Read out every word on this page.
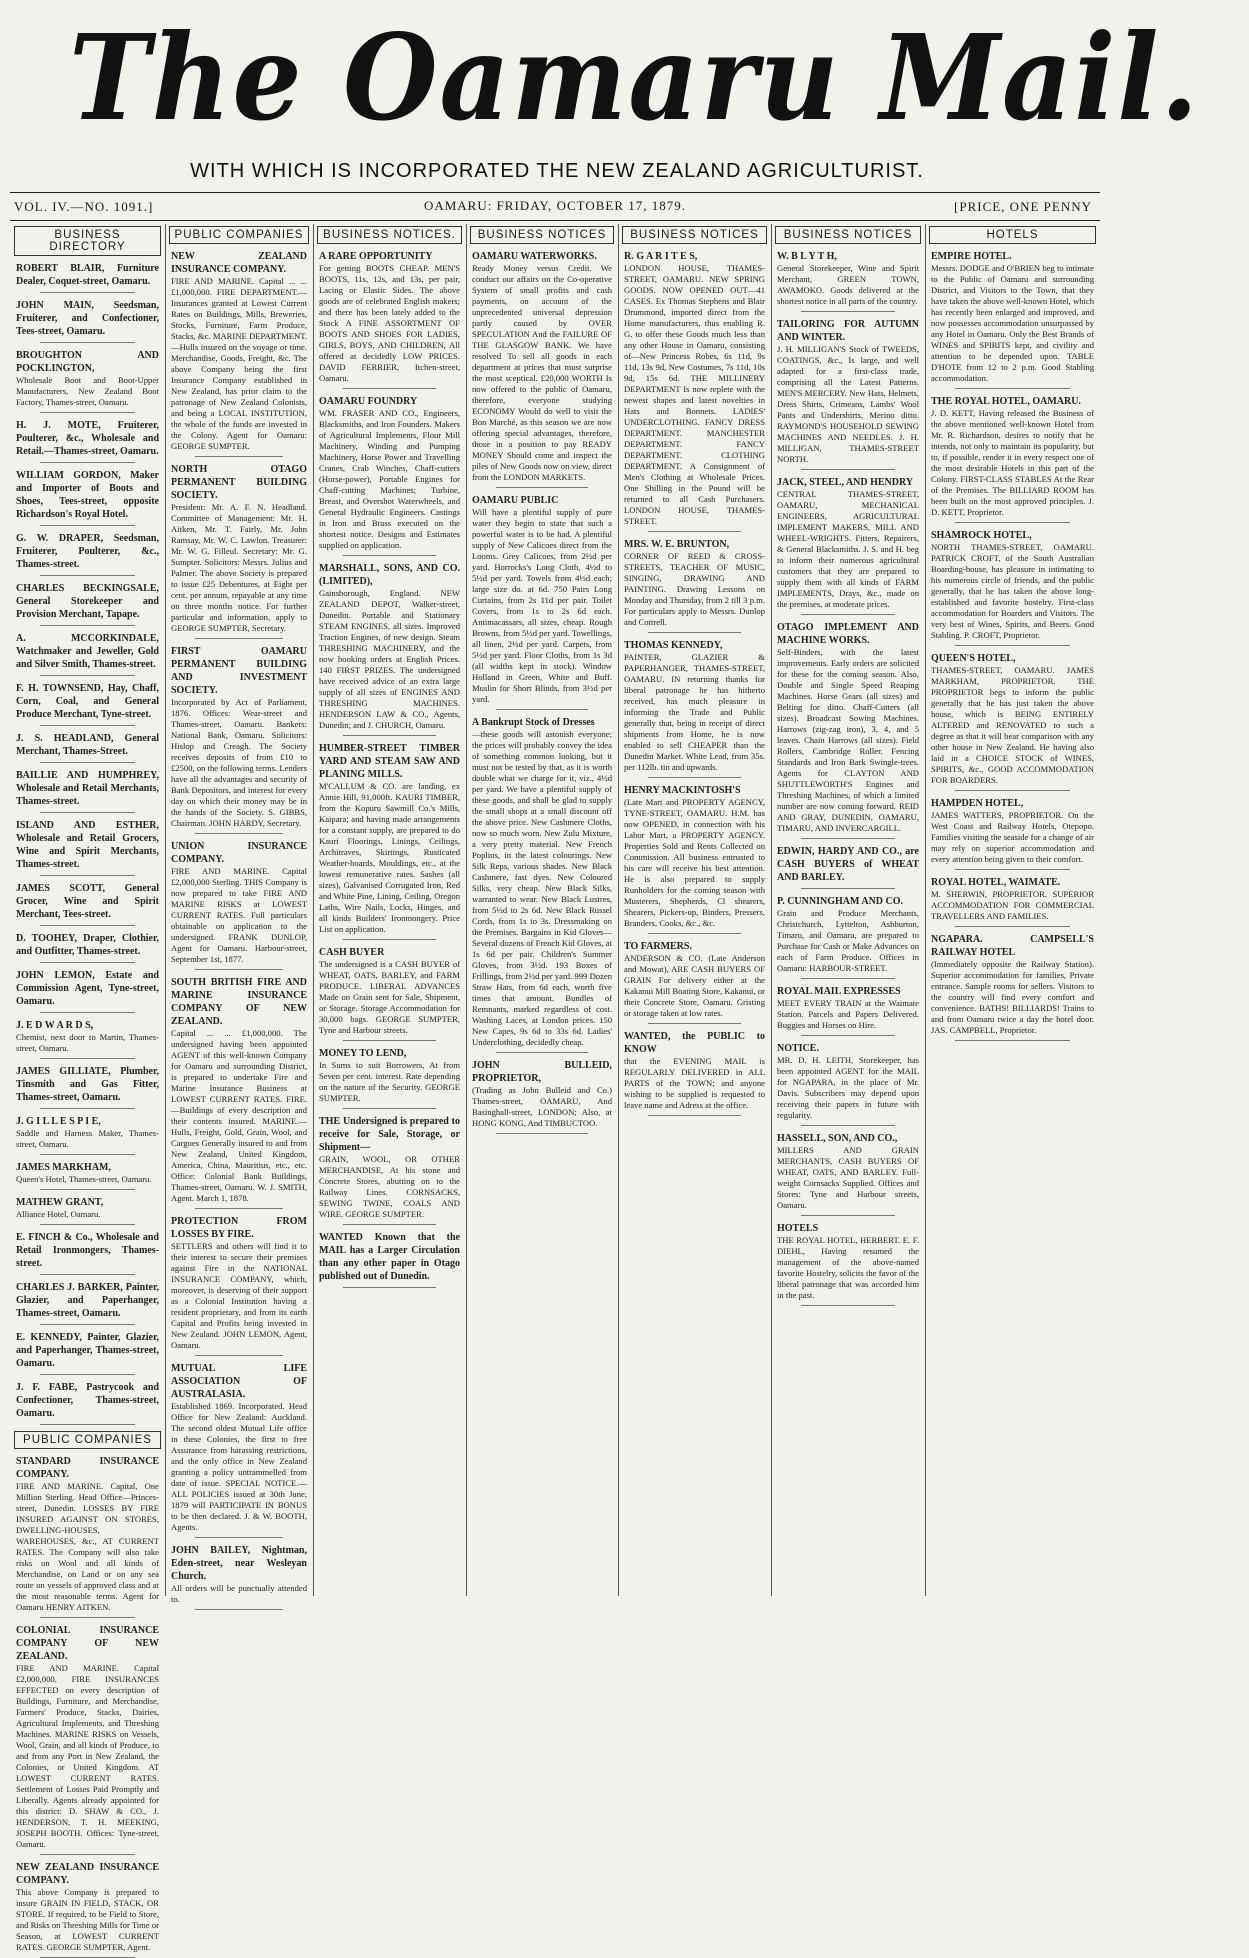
The Oamaru Mail.
WITH WHICH IS INCORPORATED THE NEW ZEALAND AGRICULTURIST.
VOL. IV.—NO. 1091.]	OAMARU: FRIDAY, OCTOBER 17, 1879.	[PRICE, ONE PENNY
BUSINESS DIRECTORY
ROBERT BLAIR, Furniture Dealer, Coquet-street, Oamaru.
JOHN MAIN, Seedsman, Fruiterer, and Confectioner, Tees-street, Oamaru.
BROUGHTON AND POCKLINGTON,
Wholesale Boot and Boot-Upper Manufacturers, New Zealand Boot Factory, Thames-street, Oamaru.
H. J. MOTE, Fruiterer, Poulterer, &c., Wholesale and Retail.—Thames-street, Oamaru.
WILLIAM GORDON, Maker and Importer of Boots and Shoes, Tees-street, opposite Richardson's Royal Hotel.
G. W. DRAPER, Seedsman, Fruiterer, Poulterer, &c., Thames-street.
CHARLES BECKINGSALE, General Storekeeper and Provision Merchant, Tapape.
A. MCCORKINDALE, Watchmaker and Jeweller, Gold and Silver Smith, Thames-street.
F. H. TOWNSEND, Hay, Chaff, Corn, Coal, and General Produce Merchant, Tyne-street.
J. S. HEADLAND, General Merchant, Thames-Street.
BAILLIE AND HUMPHREY, Wholesale and Retail Merchants, Thames-street.
ISLAND AND ESTHER, Wholesale and Retail Grocers, Wine and Spirit Merchants, Thames-street.
JAMES SCOTT, General Grocer, Wine and Spirit Merchant, Tees-street.
D. TOOHEY, Draper, Clothier, and Outfitter, Thames-street.
JOHN LEMON, Estate and Commission Agent, Tyne-street, Oamaru.
J. E D W A R D S,
Chemist, next door to Martin, Thames-street, Oamaru.
JAMES GILLIATE, Plumber, Tinsmith and Gas Fitter, Thames-street, Oamaru.
J. G I L L E S P I E,
Saddle and Harness Maker, Thames-street, Oamaru.
JAMES MARKHAM,
Queen's Hotel, Thames-street, Oamaru.
MATHEW GRANT,
Alliance Hotel, Oamaru.
E. FINCH & Co., Wholesale and Retail Ironmongers, Thames-street.
CHARLES J. BARKER, Painter, Glazier, and Paperhanger, Thames-street, Oamaru.
E. KENNEDY, Painter, Glazier, and Paperhanger, Thames-street, Oamaru.
J. F. FABE, Pastrycook and Confectioner, Thames-street, Oamaru.
PUBLIC COMPANIES
STANDARD INSURANCE COMPANY.
FIRE AND MARINE. Capital, One Million Sterling. Head Office—Princes-street, Dunedin. LOSSES BY FIRE INSURED AGAINST ON STORES, DWELLING-HOUSES, WAREHOUSES, &c., AT CURRENT RATES. The Company will also take risks on Wool and all kinds of Merchandise, on Land or on any sea route on vessels of approved class and at the most reasonable terms. Agent for Oamaru HENRY AITKEN.
COLONIAL INSURANCE COMPANY OF NEW ZEALAND.
FIRE AND MARINE. Capital £2,000,000. FIRE INSURANCES EFFECTED on every description of Buildings, Furniture, and Merchandise, Farmers' Produce, Stacks, Dairies, Agricultural Implements, and Threshing Machines. MARINE RISKS on Vessels, Wool, Grain, and all kinds of Produce, to and from any Port in New Zealand, the Colonies, or United Kingdom. AT LOWEST CURRENT RATES. Settlement of Losses Paid Promptly and Liberally. Agents already appointed for this district: D. SHAW & CO., J. HENDERSON, T. H. MEEKING, JOSEPH BOOTH. Offices: Tyne-street, Oamaru.
NEW ZEALAND INSURANCE COMPANY.
This above Company is prepared to insure GRAIN IN FIELD, STACK, OR STORE. If required, to be Field to Store, and Risks on Threshing Mills for Time or Season, at LOWEST CURRENT RATES. GEORGE SUMPTER, Agent.
PUBLIC COMPANIES
NEW ZEALAND INSURANCE COMPANY.
FIRE AND MARINE. Capital ... ... £1,000,000. FIRE DEPARTMENT.—Insurances granted at Lowest Current Rates on Buildings, Mills, Breweries, Stocks, Furniture, Farm Produce, Stacks, &c. MARINE DEPARTMENT.—Hulls insured on the voyage or time. Merchandise, Goods, Freight, &c. The above Company being the first Insurance Company established in New Zealand, has prior claim to the patronage of New Zealand Colonists, and being a LOCAL INSTITUTION, the whole of the funds are invested in the Colony. Agent for Oamaru: GEORGE SUMPTER.
NORTH OTAGO PERMANENT BUILDING SOCIETY.
President: Mr. A. F. N. Headland. Committee of Management: Mr. H. Aitken, Mr. T. Fairly, Mr. John Ramsay, Mr. W. C. Lawlon. Treasurer: Mr. W. G. Filleul. Secretary: Mr. G. Sumpter. Solicitors: Messrs. Julius and Palmer. The above Society is prepared to issue £25 Debentures, at Eight per cent. per annum, repayable at any time on three months notice. For further particular and information, apply to GEORGE SUMPTER, Secretary.
FIRST OAMARU PERMANENT BUILDING AND INVESTMENT SOCIETY.
Incorporated by Act of Parliament, 1876. Offices: Wear-street and Thames-street, Oamaru. Bankers: National Bank, Oamaru. Solicitors: Hislop and Creagh. The Society receives deposits of from £10 to £2500, on the following terms. Lenders have all the advantages and security of Bank Depositors, and interest for every day on which their money may be in the hands of the Society. S. GIBBS, Chairman. JOHN HARDY, Secretary.
UNION INSURANCE COMPANY.
FIRE AND MARINE. Capital £2,000,000 Sterling. THIS Company is now prepared to take FIRE AND MARINE RISKS at LOWEST CURRENT RATES. Full particulars obtainable on application to the undersigned. FRANK DUNLOP, Agent for Oamaru. Harbour-street, September 1st, 1877.
SOUTH BRITISH FIRE AND MARINE INSURANCE COMPANY OF NEW ZEALAND.
Capital ... ... £1,000,000. The undersigned having been appointed AGENT of this well-known Company for Oamaru and surrounding District, is prepared to undertake Fire and Marine Insurance Business at LOWEST CURRENT RATES. FIRE.—Buildings of every description and their contents insured. MARINE.—Hulls, Freight, Gold, Grain, Wool, and Cargoes Generally insured to and from New Zealand, United Kingdom, America, China, Mauritius, etc., etc. Office: Colonial Bank Buildings, Thames-street, Oamaru. W. J. SMITH, Agent. March 1, 1878.
PROTECTION FROM LOSSES BY FIRE.
SETTLERS and others will find it to their interest to secure their premises against Fire in the NATIONAL INSURANCE COMPANY, which, moreover, is deserving of their support as a Colonial Institution having a resident proprietary, and from its earth Capital and Profits being invested in New Zealand. JOHN LEMON, Agent, Oamaru.
MUTUAL LIFE ASSOCIATION OF AUSTRALASIA.
Established 1869. Incorporated. Head Office for New Zealand: Auckland. The second oldest Mutual Life office in these Colonies, the first to free Assurance from harassing restrictions, and the only office in New Zealand granting a policy untrammelled from date of issue. SPECIAL NOTICE.—ALL POLICIES issued at 30th June, 1879 will PARTICIPATE IN BONUS to be then declared. J. & W. BOOTH, Agents.
JOHN BAILEY, Nightman, Eden-street, near Wesleyan Church.
All orders will be punctually attended to.
BUSINESS NOTICES.
A RARE OPPORTUNITY
For getting BOOTS CHEAP. MEN'S BOOTS, 11s, 12s, and 13s, per pair, Lacing or Elastic Sides. The above goods are of celebrated English makers; and there has been lately added to the Stock A FINE ASSORTMENT OF BOOTS AND SHOES FOR LADIES, GIRLS, BOYS, AND CHILDREN, All offered at decidedly LOW PRICES. DAVID FERRIER, Itchen-street, Oamaru.
OAMARU FOUNDRY
WM. FRASER AND CO., Engineers, Blacksmiths, and Iron Founders. Makers of Agricultural Implements, Flour Mill Machinery, Winding and Pumping Machinery, Horse Power and Travelling Cranes, Crab Winches, Chaff-cutters (Horse-power), Portable Engines for Chaff-cutting Machines; Turbine, Breast, and Overshot Waterwheels, and General Hydraulic Engineers. Castings in Iron and Brass executed on the shortest notice. Designs and Estimates supplied on application.
MARSHALL, SONS, AND CO. (LIMITED),
Gainsborough, England. NEW ZEALAND DEPOT, Walker-street, Dunedin. Portable and Stationary STEAM ENGINES, all sizes. Improved Traction Engines, of new design. Steam THRESHING MACHINERY, and the now booking orders at English Prices. 140 FIRST PRIZES. The undersigned have received advice of an extra large supply of all sizes of ENGINES AND THRESHING MACHINES. HENDERSON LAW & CO., Agents, Dunedin; and J. CHURCH, Oamaru.
HUMBER-STREET TIMBER YARD AND STEAM SAW AND PLANING MILLS.
M'CALLUM & CO. are landing, ex Annie Hill, 91,000ft. KAURI TIMBER, from the Kopuru Sawmill Co.'s Mills, Kaipara; and having made arrangements for a constant supply, are prepared to do Kauri Floorings, Linings, Ceilings, Architraves, Skirtings, Rusticated Weather-boards, Mouldings, etc., at the lowest remunerative rates. Sashes (all sizes), Galvanised Corrugated Iron, Red and White Pine, Lining, Ceiling, Oregon Laths, Wire Nails, Locks, Hinges, and all kinds Builders' Ironmongery. Price List on application.
CASH BUYER
The undersigned is a CASH BUYER of WHEAT, OATS, BARLEY, and FARM PRODUCE. LIBERAL ADVANCES Made on Grain sent for Sale, Shipment, or Storage. Storage Accommodation for 30,000 bags. GEORGE SUMPTER, Tyne and Harbour streets.
MONEY TO LEND,
In Sums to suit Borrowers, At from Seven per cent. interest. Rate depending on the nature of the Security. GEORGE SUMPTER.
THE Undersigned is prepared to receive for Sale, Storage, or Shipment—
GRAIN, WOOL, OR OTHER MERCHANDISE, At his stone and Concrete Stores, abutting on to the Railway Lines. CORNSACKS, SEWING TWINE, COALS AND WIRE. GEORGE SUMPTER.
WANTED Known that the MAIL has a Larger Circulation than any other paper in Otago published out of Dunedin.
BUSINESS NOTICES
OAMARU WATERWORKS.
Ready Money versus Credit. We conduct our affairs on the Co-operative System of small profits and cash payments, on account of the unprecedented universal depression partly caused by OVER SPECULATION And the FAILURE OF THE GLASGOW BANK. We have resolved To sell all goods in each department at prices that must surprise the most sceptical. £20,000 WORTH Is now offered to the public of Oamaru, therefore, everyone studying ECONOMY Would do well to visit the Bon Marché, as this season we are now offering special advantages, therefore, those in a position to pay READY MONEY Should come and inspect the piles of New Goods now on view, direct from the LONDON MARKETS.
OAMARU PUBLIC
Will have a plentiful supply of pure water they begin to state that such a powerful water is to be had. A plentiful supply of New Calicoes direct from the Looms. Grey Calicoes, from 2½d per yard. Horrocks's Long Cloth, 4½d to 5½d per yard. Towels from 4½d each; large size do. at 6d. 750 Pairs Long Curtains, from 2s 11d per pair. Toilet Covers, from 1s to 2s 6d each. Antimacassars, all sizes, cheap. Rough Browns, from 5½d per yard. Towellings, all linen, 2½d per yard. Carpets, from 5½d per yard. Floor Cloths, from 1s 3d (all widths kept in stock). Window Holland in Green, White and Buff. Muslin for Short Blinds, from 3½d per yard.
A Bankrupt Stock of Dresses
—these goods will astonish everyone; the prices will probably convey the idea of something common looking, but it must not be tested by that, as it is worth double what we charge for it, viz., 4½d per yard. We have a plentiful supply of these goods, and shall be glad to supply the small shops at a small discount off the above price. New Cashmere Cloths, now so much worn. New Zulu Mixture, a very pretty material. New French Poplins, in the latest colourings. New Silk Reps, various shades. New Black Cashmere, fast dyes. New Coloured Silks, very cheap. New Black Silks, warranted to wear. New Black Lustres, from 5½d to 2s 6d. New Black Russel Cords, from 1s to 3s. Dressmaking on the Premises. Bargains in Kid Gloves—Several dozens of French Kid Gloves, at 1s 6d per pair. Children's Summer Gloves, from 3½d. 193 Boxes of Frillings, from 2½d per yard. 999 Dozen Straw Hats, from 6d each, worth five times that amount. Bundles of Remnants, marked regardless of cost. Washing Laces, at London prices. 150 New Capes, 9s 6d to 33s 6d. Ladies' Underclothing, decidedly cheap.
JOHN BULLEID, PROPRIETOR,
(Trading as John Bulleid and Co.) Thames-street, OAMARU, And Basinghall-street, LONDON; Also, at HONG KONG, And TIMBUCTOO.
BUSINESS NOTICES
R. G A R I T E S,
LONDON HOUSE, THAMES-STREET, OAMARU. NEW SPRING GOODS. NOW OPENED OUT—41 CASES. Ex Thomas Stephens and Blair Drummond, imported direct from the Home manufacturers, thus enabling R. G. to offer these Goods much less than any other House in Oamaru, consisting of—New Princess Robes, 6s 11d, 9s 11d, 13s 9d, New Costumes, 7s 11d, 10s 9d, 15s 6d. THE MILLINERY DEPARTMENT Is now replete with the newest shapes and latest novelties in Hats and Bonnets. LADIES' UNDERCLOTHING. FANCY DRESS DEPARTMENT. MANCHESTER DEPARTMENT. FANCY DEPARTMENT. CLOTHING DEPARTMENT. A Consignment of Men's Clothing at Wholesale Prices. One Shilling in the Pound will be returned to all Cash Purchasers. LONDON HOUSE, THAMES-STREET.
MRS. W. E. BRUNTON,
CORNER OF REED & CROSS-STREETS, TEACHER OF MUSIC, SINGING, DRAWING AND PAINTING. Drawing Lessons on Monday and Thursday, from 2 till 3 p.m. For particulars apply to Messrs. Dunlop and Cottrell.
THOMAS KENNEDY,
PAINTER, GLAZIER & PAPERHANGER, THAMES-STREET, OAMARU. IN returning thanks for liberal patronage he has hitherto received, has much pleasure in informing the Trade and Public generally that, being in receipt of direct shipments from Home, he is now enabled to sell CHEAPER than the Dunedin Market. White Lead, from 35s. per 112lb. tin and upwards.
HENRY MACKINTOSH'S
(Late Mart and PROPERTY AGENCY, TYNE-STREET, OAMARU. H.M. has now OPENED, in connection with his Labor Mart, a PROPERTY AGENCY. Properties Sold and Rents Collected on Commission. All business entrusted to his care will receive his best attention. He is also prepared to supply Runholders for the coming season with Musterers, Shepherds, Cl shearers, Shearers, Pickers-up, Binders, Pressers, Branders, Cooks, &c., &c.
TO FARMERS.
ANDERSON & CO. (Late Anderson and Mowat), ARE CASH BUYERS OF GRAIN For delivery either at the Kakanui Mill Boating Store, Kakanui, or their Concrete Store, Oamaru. Gristing or storage taken at low rates.
WANTED, the PUBLIC to KNOW
that the EVENING MAIL is REGULARLY DELIVERED in ALL PARTS of the TOWN; and anyone wishing to be supplied is requested to leave name and Adress at the office.
BUSINESS NOTICES
W. B L Y T H,
General Storekeeper, Wine and Spirit Merchant, GREEN TOWN, AWAMOKO. Goods delivered at the shortest notice in all parts of the country.
TAILORING FOR AUTUMN AND WINTER.
J. H. MILLIGAN'S Stock of TWEEDS, COATINGS, &c., Is large, and well adapted for a first-class trade, comprising all the Latest Patterns. MEN'S MERCERY. New Hats, Helmets, Dress Shirts, Crimeans, Lambs' Wool Pants and Undershirts, Merino ditto. RAYMOND'S HOUSEHOLD SEWING MACHINES AND NEEDLES. J. H. MILLIGAN, THAMES-STREET NORTH.
JACK, STEEL, AND HENDRY
CENTRAL THAMES-STREET, OAMARU, MECHANICAL ENGINEERS, AGRICULTURAL IMPLEMENT MAKERS, MILL AND WHEEL-WRIGHTS. Fitters, Repairers, & General Blacksmiths. J. S. and H. beg to inform their numerous agricultural customers that they are prepared to supply them with all kinds of FARM IMPLEMENTS, Drays, &c., made on the premises, at moderate prices.
OTAGO IMPLEMENT AND MACHINE WORKS.
Self-Binders, with the latest improvements. Early orders are solicited for these for the coming season. Also, Double and Single Speed Reaping Machines. Horse Gears (all sizes) and Belting for ditto. Chaff-Cutters (all sizes). Broadcast Sowing Machines. Harrows (zig-zag iron), 3, 4, and 5 leaves. Chain Harrows (all sizes). Field Rollers, Cambridge Roller. Fencing Standards and Iron Bark Swingle-trees. Agents for CLAYTON AND SHUTTLEWORTH'S Engines and Threshing Machines, of which a limited number are now coming forward. REID AND GRAY, DUNEDIN, OAMARU, TIMARU, AND INVERCARGILL.
EDWIN, HARDY AND CO., are CASH BUYERS of WHEAT AND BARLEY.
P. CUNNINGHAM AND CO.
Grain and Produce Merchants, Christchurch, Lyttelton, Ashburton, Timaru, and Oamaru, are prepared to Purchase for Cash or Make Advances on each of Farm Produce. Offices in Oamaru: HARBOUR-STREET.
ROYAL MAIL EXPRESSES
MEET EVERY TRAIN at the Waimate Station. Parcels and Papers Delivered. Buggies and Horses on Hire.
NOTICE.
MR. D. H. LEITH, Storekeeper, has been appointed AGENT for the MAIL for NGAPARA, in the place of Mr. Davis. Subscribers may depend upon receiving their papers in future with regularity.
HASSELL, SON, AND CO.,
MILLERS AND GRAIN MERCHANTS, CASH BUYERS OF WHEAT, OATS, AND BARLEY. Full-weight Cornsacks Supplied. Offices and Stores: Tyne and Harbour streets, Oamaru.
HOTELS
THE ROYAL HOTEL, HERBERT. E. F. DIEHL, Having resumed the management of the above-named favorite Hostelry, solicits the favor of the liberal patronage that was accorded him in the past.
HOTELS
EMPIRE HOTEL.
Messrs. DODGE and O'BRIEN beg to intimate to the Public of Oamaru and surrounding District, and Visitors to the Town, that they have taken the above well-known Hotel, which has recently been enlarged and improved, and now possesses accommodation unsurpassed by any Hotel in Oamaru. Only the Best Brands of WINES and SPIRITS kept, and civility and attention to be depended upon. TABLE D'HOTE from 12 to 2 p.m. Good Stabling accommodation.
THE ROYAL HOTEL, OAMARU.
J. D. KETT, Having released the Business of the above mentioned well-known Hotel from Mr. R. Richardson, desires to notify that he intends, not only to maintain its popularity, but to, if possible, render it in every respect one of the most desirable Hotels in this part of the Colony. FIRST-CLASS STABLES At the Rear of the Premises. The BILLIARD ROOM has been built on the most approved principles. J. D. KETT, Proprietor.
SHAMROCK HOTEL,
NORTH THAMES-STREET, OAMARU. PATRICK CROFT, of the South Australian Boarding-house, has pleasure in intimating to his numerous circle of friends, and the public generally, that he has taken the above long-established and favorite hostelry. First-class accommodation for Boarders and Visitors. The very best of Wines, Spirits, and Beers. Good Stabling. P. CROFT, Proprietor.
QUEEN'S HOTEL,
THAMES-STREET, OAMARU. JAMES MARKHAM, PROPRIETOR. THE PROPRIETOR begs to inform the public generally that he has just taken the above house, which is BEING ENTIRELY ALTERED and RENOVATED to such a degree as that it will bear comparison with any other house in New Zealand. He having also laid in a CHOICE STOCK of WINES, SPIRITS, &c., GOOD ACCOMMODATION FOR BOARDERS.
HAMPDEN HOTEL,
JAMES WATTERS, PROPRIETOR. On the West Coast and Railway Hotels, Otepopo. Families visiting the seaside for a change of air may rely on superior accommodation and every attention being given to their comfort.
ROYAL HOTEL, WAIMATE.
M. SHERWIN, PROPRIETOR. SUPERIOR ACCOMMODATION FOR COMMERCIAL TRAVELLERS AND FAMILIES.
NGAPARA. CAMPSELL'S RAILWAY HOTEL
(Immediately opposite the Railway Station). Superior accommodation for families, Private entrance. Sample rooms for sellers. Visitors to the country will find every comfort and convenience. BATHS! BILLIARDS! Trains to and from Oamaru twice a day the hotel door. JAS. CAMPBELL, Proprietor.
